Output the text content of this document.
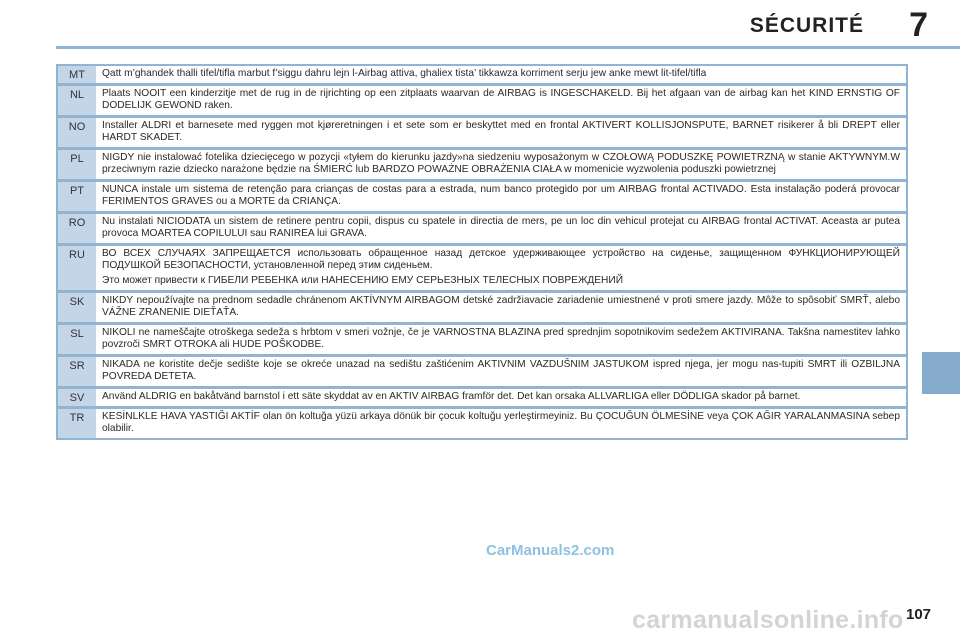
SÉCURITÉ 7
MT	Qatt m’ghandek thalli tifel/tifla marbut f’siggu dahru lejn l-Airbag attiva, ghaliex tista’ tikkawza korriment serju jew anke mewt lit-tifel/tifla
NL	Plaats NOOIT een kinderzitje met de rug in de rijrichting op een zitplaats waarvan de AIRBAG is INGESCHAKELD. Bij het afgaan van de airbag kan het KIND ERNSTIG OF DODELIJK GEWOND raken.
NO	Installer ALDRI et barnesete med ryggen mot kjøreretningen i et sete som er beskyttet med en frontal AKTIVERT KOLLISJONSPUTE, BARNET risikerer å bli DREPT eller HARDT SKADET.
PL	NIGDY nie instalować fotelika dziecięcego w pozycji «tyłem do kierunku jazdy»na siedzeniu wyposażonym w CZOŁOWĄ PODUSZKĘ POWIETRZNĄ w stanie AKTYWNYM.W przeciwnym razie dziecko narażone będzie na ŚMIERĆ lub BARDZO POWAŻNE OBRAŻENIA CIAŁA w momenicie wyzwolenia poduszki powietrznej
PT	NUNCA instale um sistema de retenção para crianças de costas para a estrada, num banco protegido por um AIRBAG frontal ACTIVADO. Esta instalação poderá provocar FERIMENTOS GRAVES ou a MORTE da CRIANÇA.
RO	Nu instalati NICIODATA un sistem de retinere pentru copii, dispus cu spatele in directia de mers, pe un loc din vehicul protejat cu AIRBAG frontal ACTIVAT. Aceasta ar putea provoca MOARTEA COPILULUI sau RANIREA lui GRAVA.
RU	ВО ВСЕХ СЛУЧАЯХ ЗАПРЕЩАЕТСЯ использовать обращенное назад детское удерживающее устройство на сиденье, защищенном ФУНКЦИОНИРУЮЩЕЙ ПОДУШКОЙ БЕЗОПАСНОСТИ, установленной перед этим сиденьем.
Это может привести к ГИБЕЛИ РЕБЕНКА или НАНЕСЕНИЮ ЕМУ СЕРЬЕЗНЫХ ТЕЛЕСНЫХ ПОВРЕЖДЕНИЙ
SK	NIKDY nepoužívajte na prednom sedadle chránenom AKTÍVNYM AIRBAGOM detské zadržiavacie zariadenie umiestnené v proti smere jazdy. Môže to spôsobiť SMRŤ, alebo VÁŽNE ZRANENIE DIEŤAŤA.
SL	NIKOLI ne nameščajte otroškega sedeža s hrbtom v smeri vožnje, če je VARNOSTNA BLAZINA pred sprednjim sopotnikovim sedežem AKTIVIRANA. Takšna namestitev lahko povzroči SMRT OTROKA ali HUDE POŠKODBE.
SR	NIKADA ne koristite dečje sedište koje se okreće unazad na sedištu zaštićenim AKTIVNIM VAZDUŠNIM JASTUKOM ispred njega, jer mogu nas-tupiti SMRT ili OZBILJNA POVREDA DETETA.
SV	Använd ALDRIG en bakåtvänd barnstol i ett säte skyddat av en AKTIV AIRBAG framför det. Det kan orsaka ALLVARLIGA eller DÖDLIGA skador på barnet.
TR	KESİNLKLE HAVA YASTIĞI AKTİF olan ön koltuğa yüzü arkaya dönük bir çocuk koltuğu yerleştirmeyiniz. Bu ÇOCUĞUN ÖLMESİNE veya ÇOK AĞIR YARALANMASINA sebep olabilir.
CarManuals2.com
carmanualsonline.info 107
